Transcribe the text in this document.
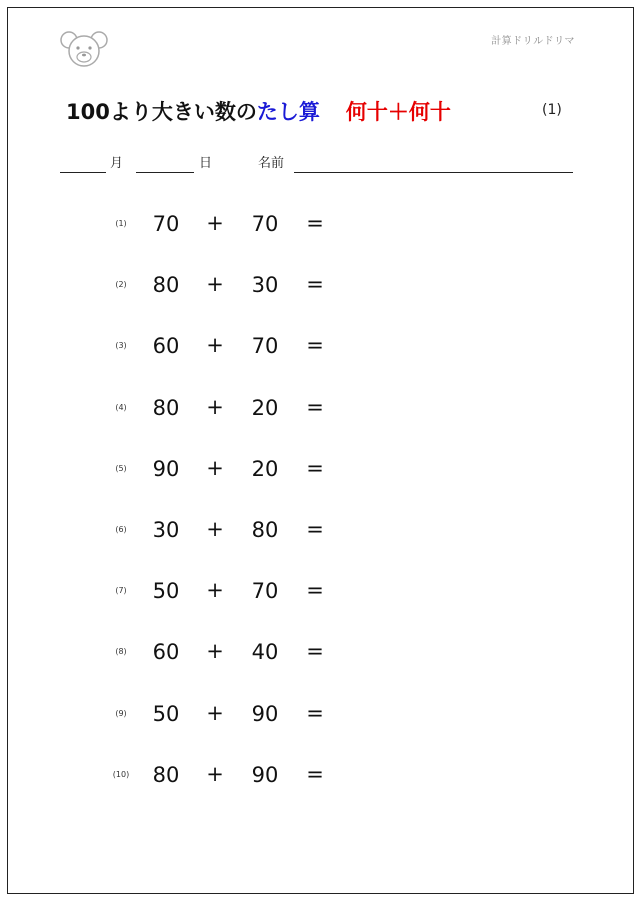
計算ドリルドリマ
100より大きい数のたし算 何十＋何十	(1)
月	日	名前
(1)	70	+	70	=
(2)	80	+	30	=
(3)	60	+	70	=
(4)	80	+	20	=
(5)	90	+	20	=
(6)	30	+	80	=
(7)	50	+	70	=
(8)	60	+	40	=
(9)	50	+	90	=
(10)	80	+	90	=
